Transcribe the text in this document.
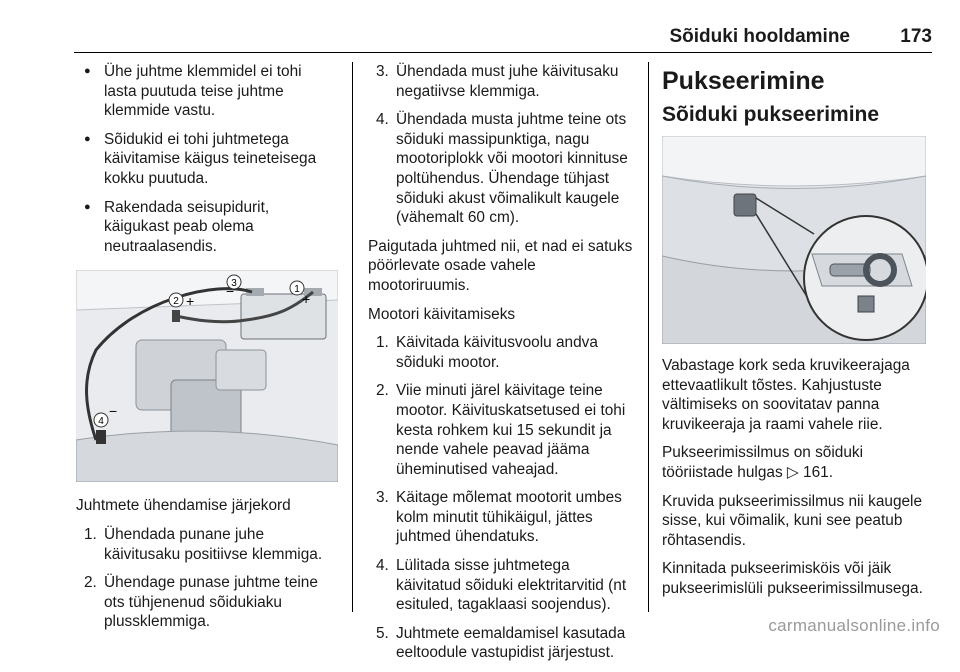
Sõiduki hooldamine	173
● Ühe juhtme klemmidel ei tohi lasta puutuda teise juhtme klemmide vastu.
● Sõidukid ei tohi juhtmetega käivitamise käigus teineteisega kokku puutuda.
● Rakendada seisupidurit, käigukast peab olema neutraalasendis.
3
−	1
+
2 +
4
−

Juhtmete ühendamise järjekord

1. Ühendada punane juhe käivitusaku positiivse klemmiga.
2. Ühendage punase juhtme teine ots tühjenenud sõidukiaku plussklemmiga.
3. Ühendada must juhe käivitusaku negatiivse klemmiga.
4. Ühendada musta juhtme teine ots sõiduki massipunktiga, nagu mootoriplokk või mootori kinnituse poltühendus. Ühendage tühjast sõiduki akust võimalikult kaugele (vähemalt 60 cm).

Paigutada juhtmed nii, et nad ei satuks pöörlevate osade vahele mootoriruumis.

Mootori käivitamiseks

1. Käivitada käivitusvoolu andva sõiduki mootor.
2. Viie minuti järel käivitage teine mootor. Käivituskatsetused ei tohi kesta rohkem kui 15 sekundit ja nende vahele peavad jääma üheminutised vaheajad.
3. Käitage mõlemat mootorit umbes kolm minutit tühikäigul, jättes juhtmed ühendatuks.
4. Lülitada sisse juhtmetega käivitatud sõiduki elektritarvitid (nt esituled, tagaklaasi soojendus).
5. Juhtmete eemaldamisel kasutada eeltoodule vastupidist järjestust.
Pukseerimine
Sõiduki pukseerimine

Vabastage kork seda kruvikeerajaga ettevaatlikult tõstes. Kahjustuste vältimiseks on soovitatav panna kruvikeeraja ja raami vahele riie.

Pukseerimissilmus on sõiduki tööriistade hulgas ▷ 161.

Kruvida pukseerimissilmus nii kaugele sisse, kui võimalik, kuni see peatub rõhtasendis.

Kinnitada pukseerimisköis või jäik pukseerimislüli pukseerimissilmusega.

carmanualsonline.info
